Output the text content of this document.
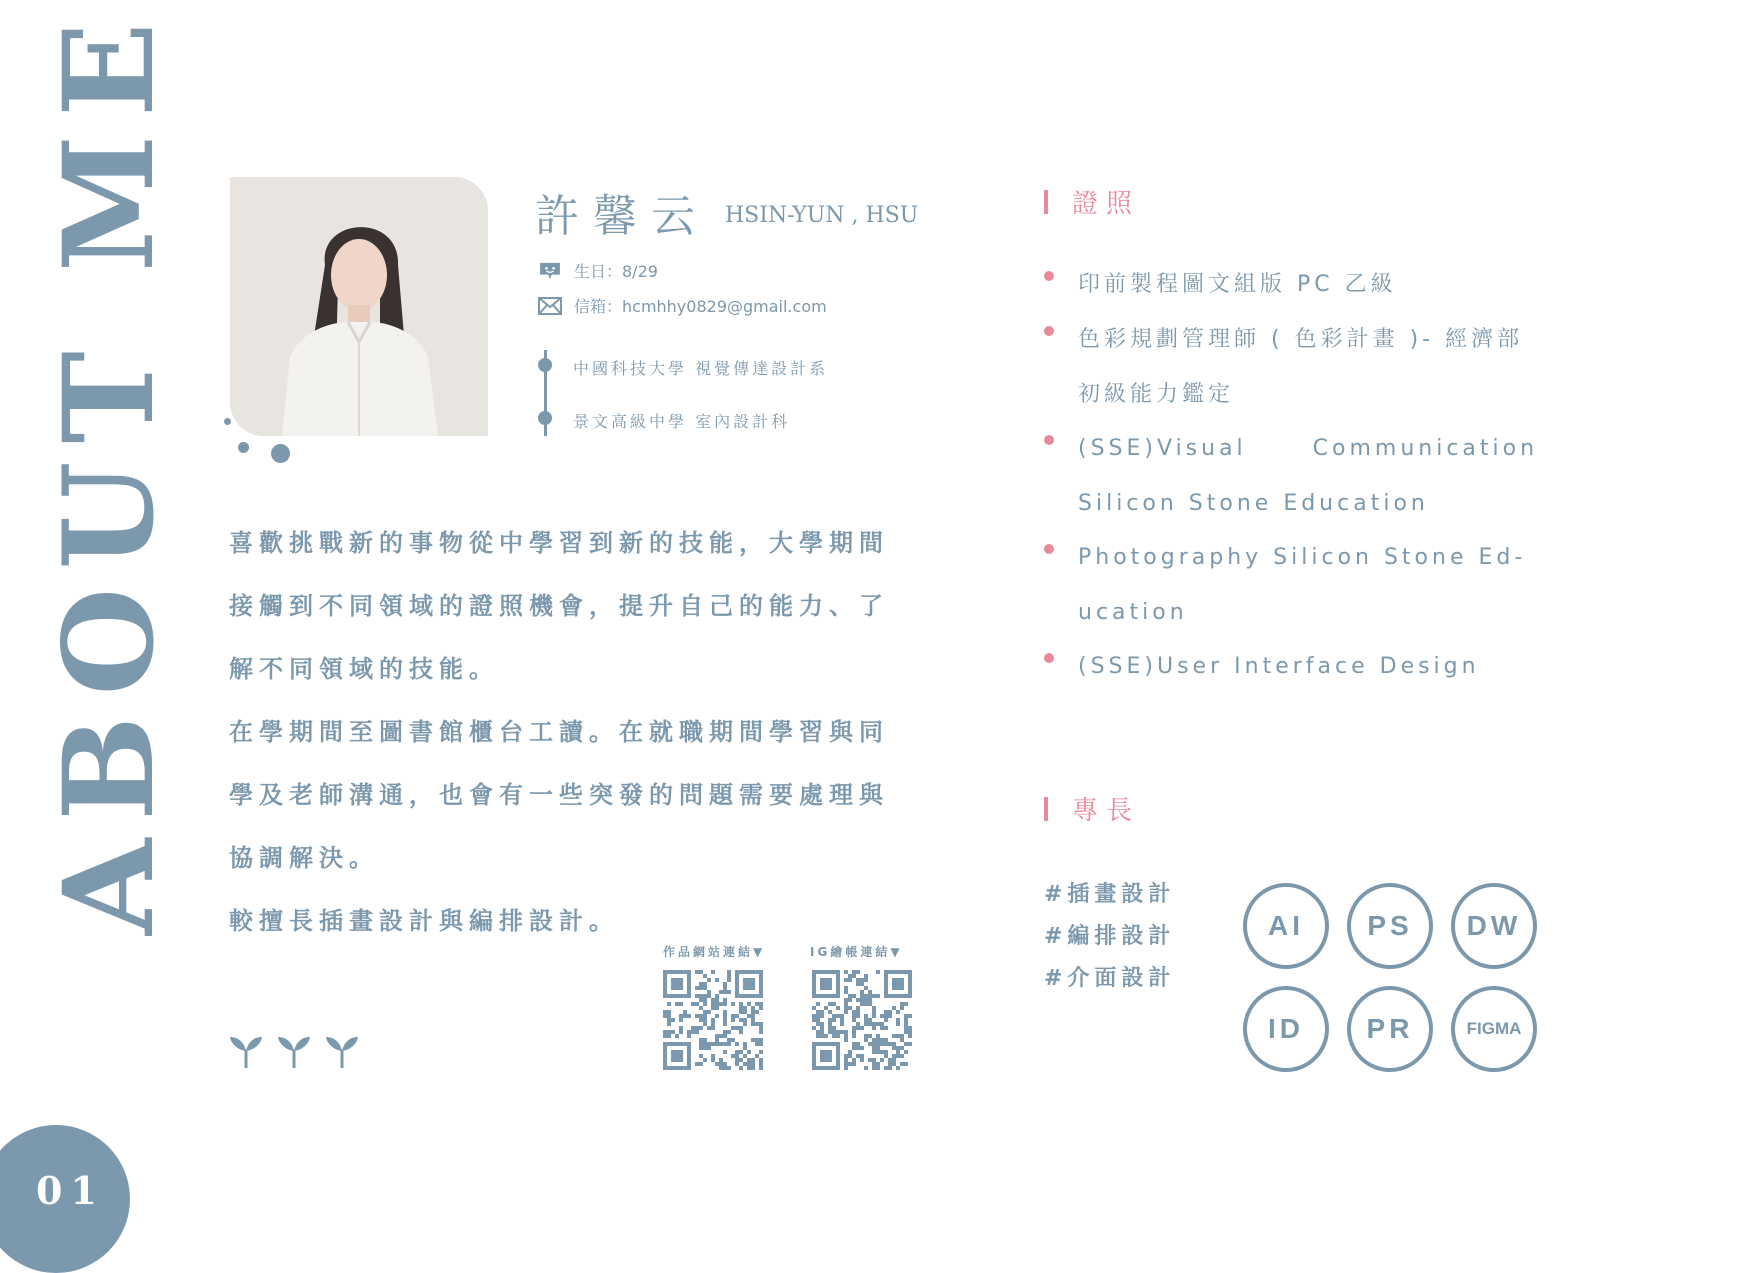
ABOUT ME
01
許馨云 HSIN-YUN , HSU
生日：8/29
信箱：hcmhhy0829@gmail.com
中國科技大學 視覺傳達設計系
景文高級中學 室內設計科
喜歡挑戰新的事物從中學習到新的技能，大學期間
接觸到不同領域的證照機會，提升自己的能力、了
解不同領域的技能。
在學期間至圖書館櫃台工讀。在就職期間學習與同
學及老師溝通，也會有一些突發的問題需要處理與
協調解決。
較擅長插畫設計與編排設計。
作品網站連結▼	IG繪帳連結▼
證照
印前製程圖文組版 PC 乙級
色彩規劃管理師 ( 色彩計畫 )- 經濟部
初級能力鑑定
(SSE)Visual      Communication
Silicon Stone Education
Photography Silicon Stone Ed-
ucation
(SSE)User Interface Design
專長
#插畫設計
#編排設計
#介面設計
AI	PS	DW
ID	PR	FIGMA
